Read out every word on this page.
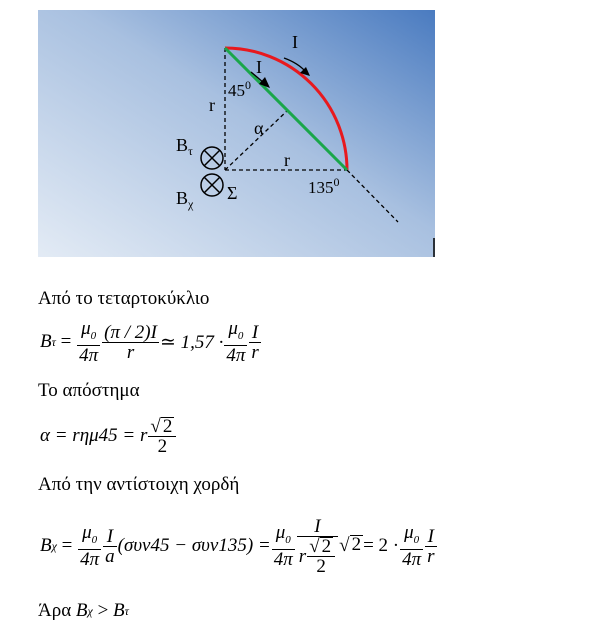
I
I
$45^0$
r
α
r
$135^0$
$B_\tau$
$B_\chi$
Σ
Από το τεταρτοκύκλιο
B $\tau = \frac{\mu_0}{4\pi} \frac{(\pi / 2)I}{r}$ ≃ $1,57 \cdot \frac{\mu_0}{4\pi} \frac{I}{r}$
Το απόστημα
α = rημ45 = r $\frac{√ 2}{2}$
Από την αντίστοιχη χορδή
B $\chi = \frac{\mu_0}{4\pi} \frac{I}{a} (\sigma\upsilon\nu 45 - \sigma\upsilon\nu 135) = \frac{\mu_0}{4\pi} \frac{I}{r \frac{√ 2}{2}}$ √ $2 = 2 \cdot \frac{\mu_0}{4\pi} \frac{I}{r}$
Άρα
B χ
>
B τ
